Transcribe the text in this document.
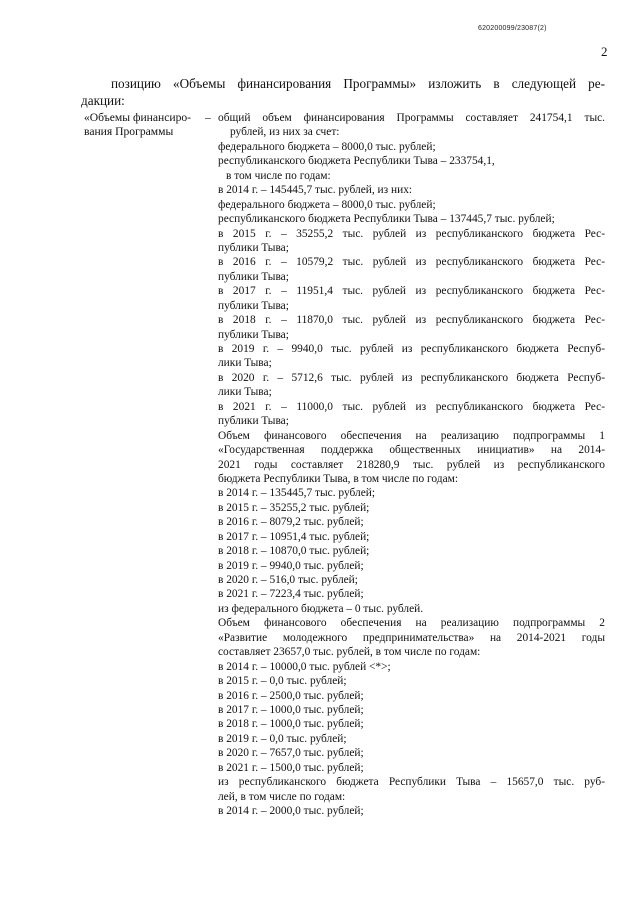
620200099/23087(2)
2
позицию «Объемы финансирования Программы» изложить в следующей ре-
дакции:
«Объемы финансиро-
вания Программы
– общий объем финансирования Программы составляет 241754,1 тыс.
рублей, из них за счет:
федерального бюджета – 8000,0 тыс. рублей;
республиканского бюджета Республики Тыва – 233754,1,
в том числе по годам:
в 2014 г. – 145445,7 тыс. рублей, из них:
федерального бюджета – 8000,0 тыс. рублей;
республиканского бюджета Республики Тыва – 137445,7 тыс. рублей;
в 2015 г. – 35255,2 тыс. рублей из республиканского бюджета Рес-
публики Тыва;
в 2016 г. – 10579,2 тыс. рублей из республиканского бюджета Рес-
публики Тыва;
в 2017 г. – 11951,4 тыс. рублей из республиканского бюджета Рес-
публики Тыва;
в 2018 г. – 11870,0 тыс. рублей из республиканского бюджета Рес-
публики Тыва;
в 2019 г. – 9940,0 тыс. рублей из республиканского бюджета Респуб-
лики Тыва;
в 2020 г. – 5712,6 тыс. рублей из республиканского бюджета Респуб-
лики Тыва;
в 2021 г. – 11000,0 тыс. рублей из республиканского бюджета Рес-
публики Тыва;
Объем финансового обеспечения на реализацию подпрограммы 1
«Государственная поддержка общественных инициатив» на 2014-
2021 годы составляет 218280,9 тыс. рублей из республиканского
бюджета Республики Тыва, в том числе по годам:
в 2014 г. – 135445,7 тыс. рублей;
в 2015 г. – 35255,2 тыс. рублей;
в 2016 г. – 8079,2 тыс. рублей;
в 2017 г. – 10951,4 тыс. рублей;
в 2018 г. – 10870,0 тыс. рублей;
в 2019 г. – 9940,0 тыс. рублей;
в 2020 г. – 516,0 тыс. рублей;
в 2021 г. – 7223,4 тыс. рублей;
из федерального бюджета – 0 тыс. рублей.
Объем финансового обеспечения на реализацию подпрограммы 2
«Развитие молодежного предпринимательства» на 2014-2021 годы
составляет 23657,0 тыс. рублей, в том числе по годам:
в 2014 г. – 10000,0 тыс. рублей <*>;
в 2015 г. – 0,0 тыс. рублей;
в 2016 г. – 2500,0 тыс. рублей;
в 2017 г. – 1000,0 тыс. рублей;
в 2018 г. – 1000,0 тыс. рублей;
в 2019 г. – 0,0 тыс. рублей;
в 2020 г. – 7657,0 тыс. рублей;
в 2021 г. – 1500,0 тыс. рублей;
из республиканского бюджета Республики Тыва – 15657,0 тыс. руб-
лей, в том числе по годам:
в 2014 г. – 2000,0 тыс. рублей;
